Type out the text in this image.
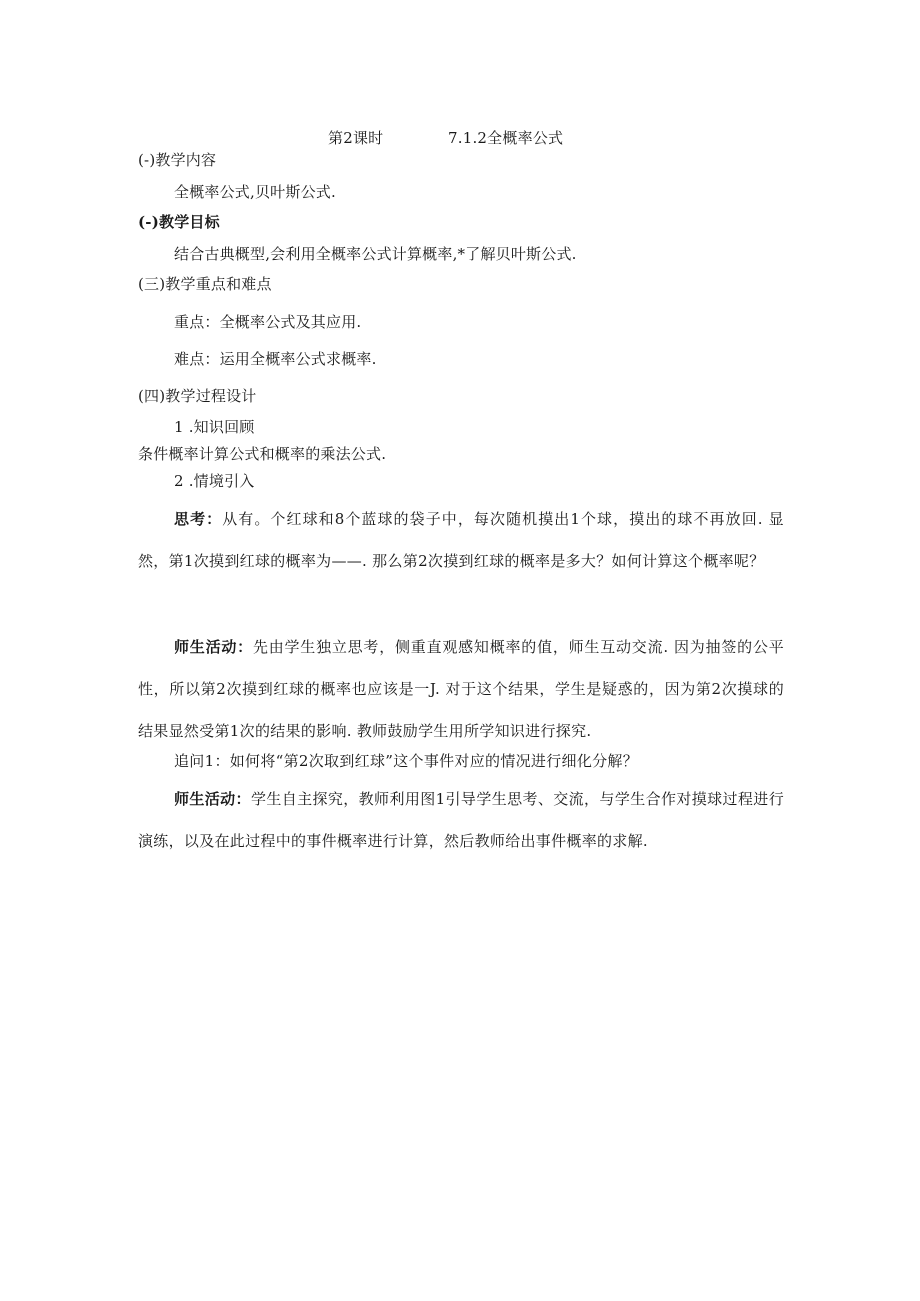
第2课时	7.1.2全概率公式
(-)教学内容
全概率公式,贝叶斯公式.
(-)教学目标
结合古典概型,会利用全概率公式计算概率,*了解贝叶斯公式.
(三)教学重点和难点
重点：全概率公式及其应用.
难点：运用全概率公式求概率.
(四)教学过程设计
1 .知识回顾
条件概率计算公式和概率的乘法公式.
2 .情境引入
思考：从有。个红球和8个蓝球的袋子中，每次随机摸出1个球，摸出的球不再放回. 显然，第1次摸到红球的概率为——. 那么第2次摸到红球的概率是多大？如何计算这个概率呢？
师生活动：先由学生独立思考，侧重直观感知概率的值，师生互动交流. 因为抽签的公平性，所以第2次摸到红球的概率也应该是一J. 对于这个结果，学生是疑惑的，因为第2次摸球的结果显然受第1次的结果的影响. 教师鼓励学生用所学知识进行探究.
追问1：如何将“第2次取到红球”这个事件对应的情况进行细化分解？
师生活动：学生自主探究，教师利用图1引导学生思考、交流，与学生合作对摸球过程进行演练，以及在此过程中的事件概率进行计算，然后教师给出事件概率的求解.
